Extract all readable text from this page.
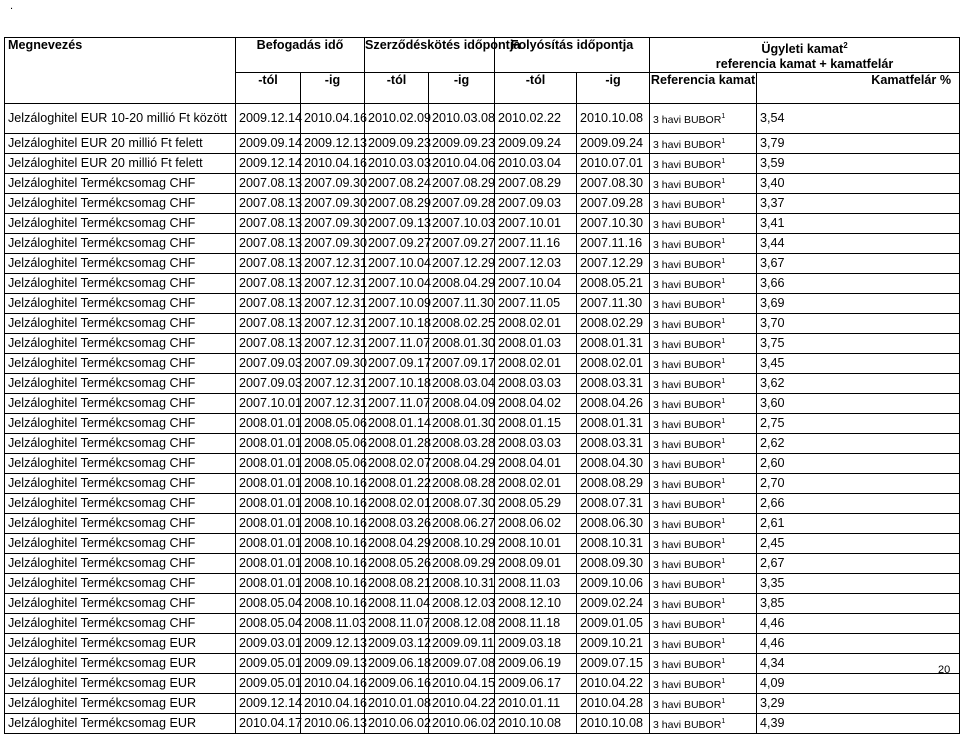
.
Megnevezés	Befogadás idő		Szerződéskötés időpontja		Folyósítás időpontja		Ügyleti kamat$^2$
referencia kamat + kamatfelár	
	-tól	-ig	-tól	-ig	-tól	-ig	Referencia kamat	Kamatfelár %
Jelzáloghitel EUR 10-20 millió Ft között	2009.12.14	2010.04.16	2010.02.09	2010.03.08	2010.02.22	2010.10.08	3 havi BUBOR$^1$	3,54
Jelzáloghitel EUR 20 millió Ft felett	2009.09.14	2009.12.13	2009.09.23	2009.09.23	2009.09.24	2009.09.24	3 havi BUBOR$^1$	3,79
Jelzáloghitel EUR 20 millió Ft felett	2009.12.14	2010.04.16	2010.03.03	2010.04.06	2010.03.04	2010.07.01	3 havi BUBOR$^1$	3,59
Jelzáloghitel Termékcsomag CHF	2007.08.13	2007.09.30	2007.08.24	2007.08.29	2007.08.29	2007.08.30	3 havi BUBOR$^1$	3,40
Jelzáloghitel Termékcsomag CHF	2007.08.13	2007.09.30	2007.08.29	2007.09.28	2007.09.03	2007.09.28	3 havi BUBOR$^1$	3,37
Jelzáloghitel Termékcsomag CHF	2007.08.13	2007.09.30	2007.09.13	2007.10.03	2007.10.01	2007.10.30	3 havi BUBOR$^1$	3,41
Jelzáloghitel Termékcsomag CHF	2007.08.13	2007.09.30	2007.09.27	2007.09.27	2007.11.16	2007.11.16	3 havi BUBOR$^1$	3,44
Jelzáloghitel Termékcsomag CHF	2007.08.13	2007.12.31	2007.10.04	2007.12.29	2007.12.03	2007.12.29	3 havi BUBOR$^1$	3,67
Jelzáloghitel Termékcsomag CHF	2007.08.13	2007.12.31	2007.10.04	2008.04.29	2007.10.04	2008.05.21	3 havi BUBOR$^1$	3,66
Jelzáloghitel Termékcsomag CHF	2007.08.13	2007.12.31	2007.10.09	2007.11.30	2007.11.05	2007.11.30	3 havi BUBOR$^1$	3,69
Jelzáloghitel Termékcsomag CHF	2007.08.13	2007.12.31	2007.10.18	2008.02.25	2008.02.01	2008.02.29	3 havi BUBOR$^1$	3,70
Jelzáloghitel Termékcsomag CHF	2007.08.13	2007.12.31	2007.11.07	2008.01.30	2008.01.03	2008.01.31	3 havi BUBOR$^1$	3,75
Jelzáloghitel Termékcsomag CHF	2007.09.03	2007.09.30	2007.09.17	2007.09.17	2008.02.01	2008.02.01	3 havi BUBOR$^1$	3,45
Jelzáloghitel Termékcsomag CHF	2007.09.03	2007.12.31	2007.10.18	2008.03.04	2008.03.03	2008.03.31	3 havi BUBOR$^1$	3,62
Jelzáloghitel Termékcsomag CHF	2007.10.01	2007.12.31	2007.11.07	2008.04.09	2008.04.02	2008.04.26	3 havi BUBOR$^1$	3,60
Jelzáloghitel Termékcsomag CHF	2008.01.01	2008.05.06	2008.01.14	2008.01.30	2008.01.15	2008.01.31	3 havi BUBOR$^1$	2,75
Jelzáloghitel Termékcsomag CHF	2008.01.01	2008.05.06	2008.01.28	2008.03.28	2008.03.03	2008.03.31	3 havi BUBOR$^1$	2,62
Jelzáloghitel Termékcsomag CHF	2008.01.01	2008.05.06	2008.02.07	2008.04.29	2008.04.01	2008.04.30	3 havi BUBOR$^1$	2,60
Jelzáloghitel Termékcsomag CHF	2008.01.01	2008.10.16	2008.01.22	2008.08.28	2008.02.01	2008.08.29	3 havi BUBOR$^1$	2,70
Jelzáloghitel Termékcsomag CHF	2008.01.01	2008.10.16	2008.02.01	2008.07.30	2008.05.29	2008.07.31	3 havi BUBOR$^1$	2,66
Jelzáloghitel Termékcsomag CHF	2008.01.01	2008.10.16	2008.03.26	2008.06.27	2008.06.02	2008.06.30	3 havi BUBOR$^1$	2,61
Jelzáloghitel Termékcsomag CHF	2008.01.01	2008.10.16	2008.04.29	2008.10.29	2008.10.01	2008.10.31	3 havi BUBOR$^1$	2,45
Jelzáloghitel Termékcsomag CHF	2008.01.01	2008.10.16	2008.05.26	2008.09.29	2008.09.01	2008.09.30	3 havi BUBOR$^1$	2,67
Jelzáloghitel Termékcsomag CHF	2008.01.01	2008.10.16	2008.08.21	2008.10.31	2008.11.03	2009.10.06	3 havi BUBOR$^1$	3,35
Jelzáloghitel Termékcsomag CHF	2008.05.04	2008.10.16	2008.11.04	2008.12.03	2008.12.10	2009.02.24	3 havi BUBOR$^1$	3,85
Jelzáloghitel Termékcsomag CHF	2008.05.04	2008.11.03	2008.11.07	2008.12.08	2008.11.18	2009.01.05	3 havi BUBOR$^1$	4,46
Jelzáloghitel Termékcsomag EUR	2009.03.01	2009.12.13	2009.03.12	2009.09.11	2009.03.18	2009.10.21	3 havi BUBOR$^1$	4,46
Jelzáloghitel Termékcsomag EUR	2009.05.01	2009.09.13	2009.06.18	2009.07.08	2009.06.19	2009.07.15	3 havi BUBOR$^1$	4,34
Jelzáloghitel Termékcsomag EUR	2009.05.01	2010.04.16	2009.06.16	2010.04.15	2009.06.17	2010.04.22	3 havi BUBOR$^1$	4,09
Jelzáloghitel Termékcsomag EUR	2009.12.14	2010.04.16	2010.01.08	2010.04.22	2010.01.11	2010.04.28	3 havi BUBOR$^1$	3,29
Jelzáloghitel Termékcsomag EUR	2010.04.17	2010.06.13	2010.06.02	2010.06.02	2010.10.08	2010.10.08	3 havi BUBOR$^1$	4,39
20
